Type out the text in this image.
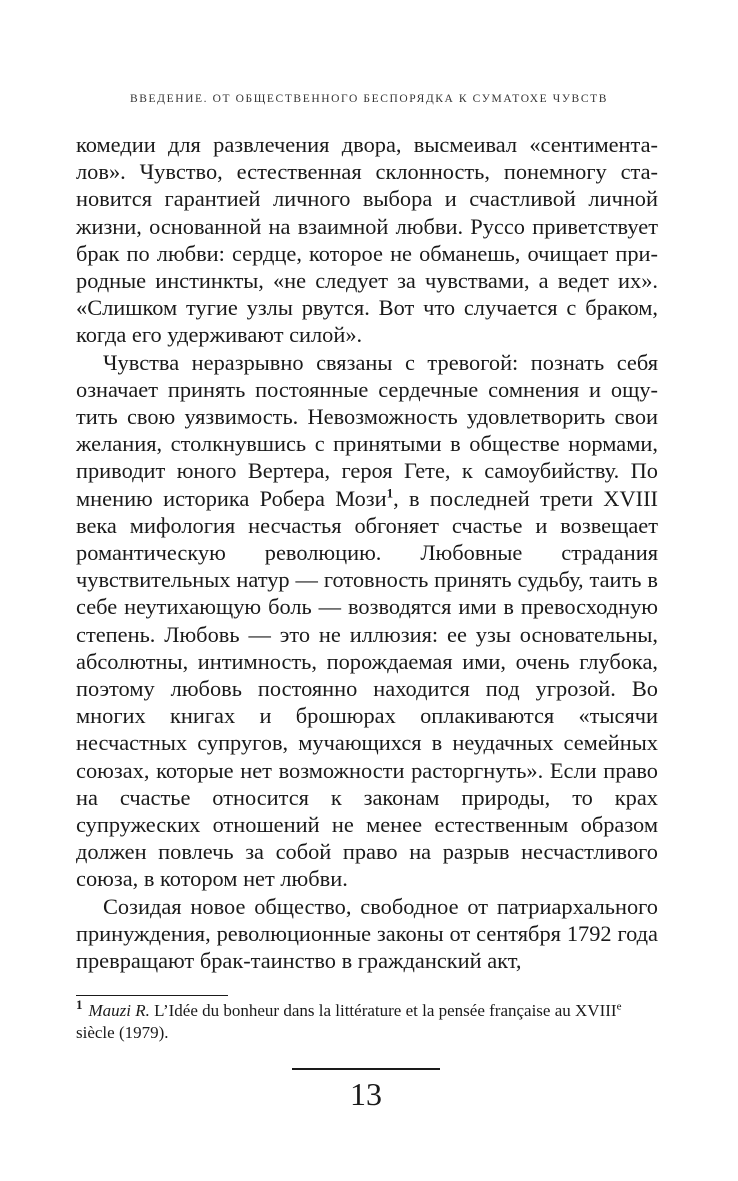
ВВЕДЕНИЕ. ОТ ОБЩЕСТВЕННОГО БЕСПОРЯДКА К СУМАТОХЕ ЧУВСТВ

комедии для развлечения двора, высмеивал «сентименталов». Чувство, естественная склонность, понемногу становится гарантией личного выбора и счастливой личной жизни, основанной на взаимной любви. Руссо приветствует брак по любви: сердце, которое не обманешь, очищает природные инстинкты, «не следует за чувствами, а ведет их». «Слишком тугие узлы рвутся. Вот что случается с браком, когда его удерживают силой».

Чувства неразрывно связаны с тревогой: познать себя означает принять постоянные сердечные сомнения и ощутить свою уязвимость. Невозможность удовлетворить свои желания, столкнувшись с принятыми в обществе нормами, приводит юного Вертера, героя Гете, к самоубийству. По мнению историка Робера Мози$^1$, в последней трети XVIII века мифология несчастья обгоняет счастье и возвещает романтическую революцию. Любовные страдания чувствительных натур — готовность принять судьбу, таить в себе неутихающую боль — возводятся ими в превосходную степень. Любовь — это не иллюзия: ее узы основательны, абсолютны, интимность, порождаемая ими, очень глубока, поэтому любовь постоянно находится под угрозой. Во многих книгах и брошюрах оплакиваются «тысячи несчастных супругов, мучающихся в неудачных семейных союзах, которые нет возможности расторгнуть». Если право на счастье относится к законам природы, то крах супружеских отношений не менее естественным образом должен повлечь за собой право на разрыв несчастливого союза, в котором нет любви.

Созидая новое общество, свободное от патриархального принуждения, революционные законы от сентября 1792 года превращают брак-таинство в гражданский акт,

$^1$ Mauzi R. L’Idée du bonheur dans la littérature et la pensée française au XVIIIe siècle (1979).
13
